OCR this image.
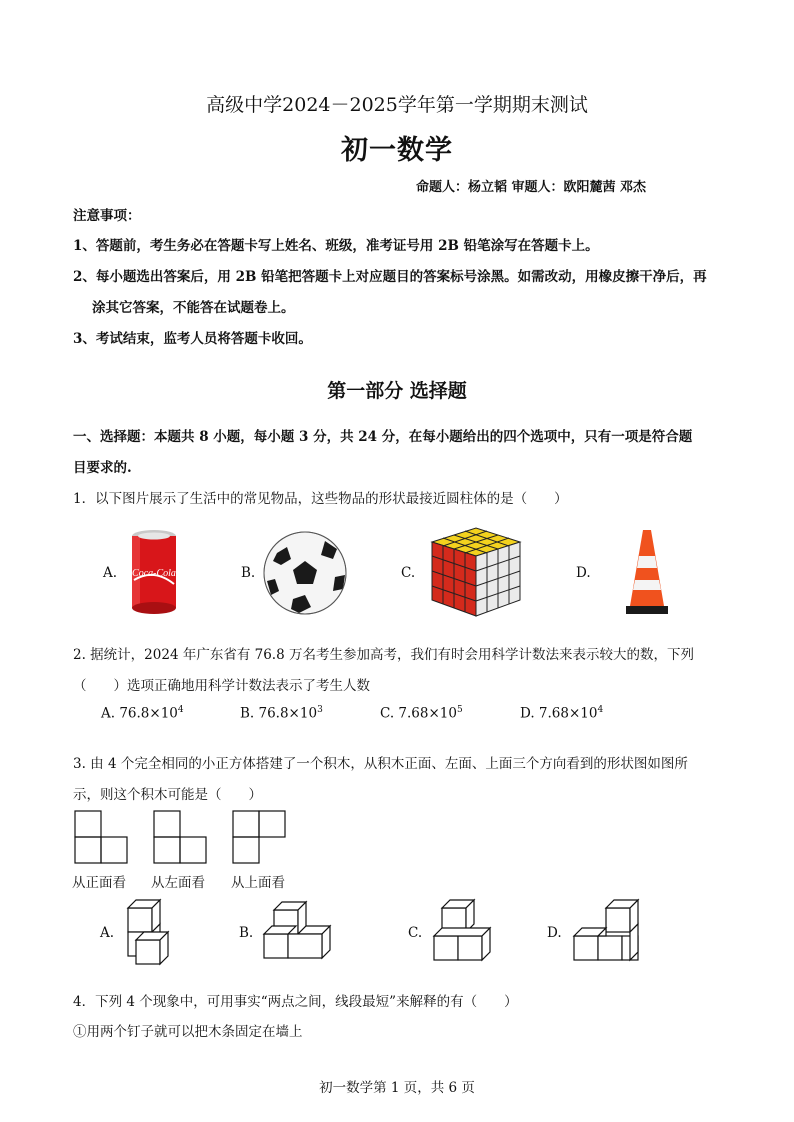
高级中学2024－2025学年第一学期期末测试
初一数学
命题人：杨立韬 审题人：欧阳麓茜 邓杰
注意事项：
1、答题前，考生务必在答题卡写上姓名、班级，准考证号用 2B 铅笔涂写在答题卡上。
2、每小题选出答案后，用 2B 铅笔把答题卡上对应题目的答案标号涂黑。如需改动，用橡皮擦干净后，再
涂其它答案，不能答在试题卷上。
3、考试结束，监考人员将答题卡收回。
第一部分 选择题
一、选择题：本题共 8 小题，每小题 3 分，共 24 分，在每小题给出的四个选项中，只有一项是符合题
目要求的.
1．以下图片展示了生活中的常见物品，这些物品的形状最接近圆柱体的是（　　）
A. Coca-Cola	B.	C.	D.
2. 据统计，2024 年广东省有 76.8 万名考生参加高考，我们有时会用科学计数法来表示较大的数，下列
（　　）选项正确地用科学计数法表示了考生人数
A. $76.8\times 10^4$	B. $76.8\times 10^3$	C. $7.68\times 10^5$	D. $7.68\times 10^4$
3. 由 4 个完全相同的小正方体搭建了一个积木，从积木正面、左面、上面三个方向看到的形状图如图所
示，则这个积木可能是（　　）
从正面看 从左面看 从上面看
A.	B.	C.	D.
4．下列 4 个现象中，可用事实“两点之间，线段最短”来解释的有（　　）
①用两个钉子就可以把木条固定在墙上
初一数学第 1 页，共 6 页
